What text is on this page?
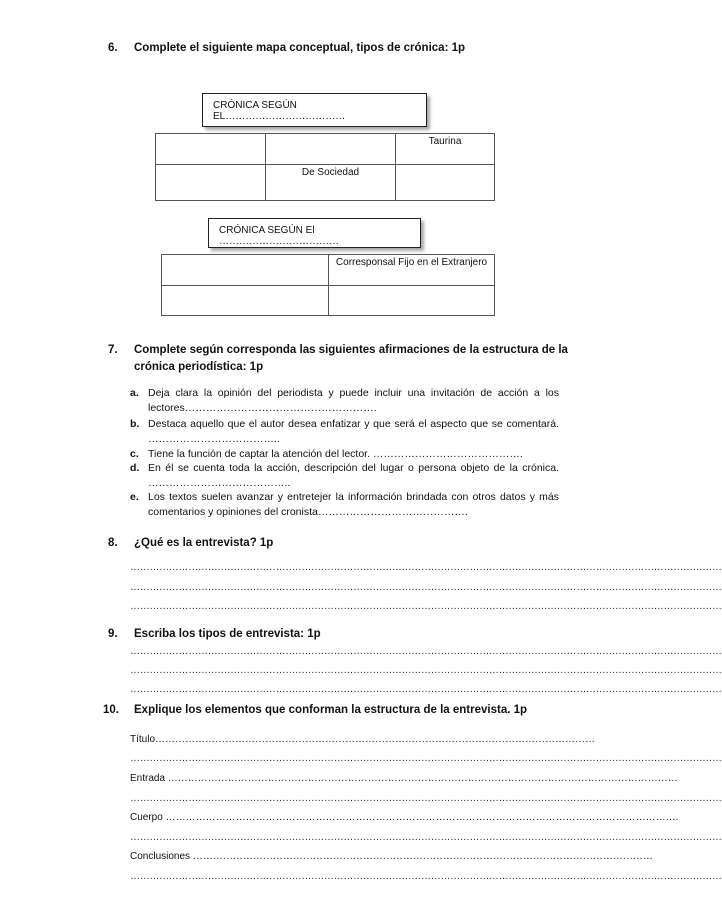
6. Complete el siguiente mapa conceptual, tipos de crónica: 1p
CRÓNICA SEGÚN EL………………………………
		Taurina
	De Sociedad	
CRÓNICA SEGÚN El ………………………………
	Corresponsal Fijo en el Extranjero

7. Complete según corresponda las siguientes afirmaciones de la estructura de la
crónica periodística: 1p
a. Deja clara la opinión del periodista y puede incluir una invitación de acción a los lectores……………………………………………….
b. Destaca aquello que el autor desea enfatizar y que será el aspecto que se comentará. ………………………………..
c. Tiene la función de captar la atención del lector. …………………………………….
d. En él se cuenta toda la acción, descripción del lugar o persona objeto de la crónica. …………………………………..
e. Los textos suelen avanzar y entretejer la información brindada con otros datos y más comentarios y opiniones del cronista…………………………………….
8. ¿Qué es la entrevista? 1p
…………………………………………………………………………………………………………………………………………………………………
…………………………………………………………………………………………………………………………………………………………………
…………………………………………………………………………………………………………………………………………………………………
9. Escriba los tipos de entrevista: 1p
…………………………………………………………………………………………………………………………………………………………………
…………………………………………………………………………………………………………………………………………………………………
…………………………………………………………………………………………………………………………………………………………………
10. Explique los elementos que conforman la estructura de la entrevista. 1p
Título……………………………………………………………………………………………………………………
…………………………………………………………………………………………………………………………………………………………………
Entrada ………………………………………………………………………………………………………………………………………
…………………………………………………………………………………………………………………………………………………………………
Cuerpo ……………………………………………………………………………………………………………………………………….
…………………………………………………………………………………………………………………………………………………………………
Conclusiones …………………………………………………………………………………………………………………………
…………………………………………………………………………………………………………………………………………………………………
